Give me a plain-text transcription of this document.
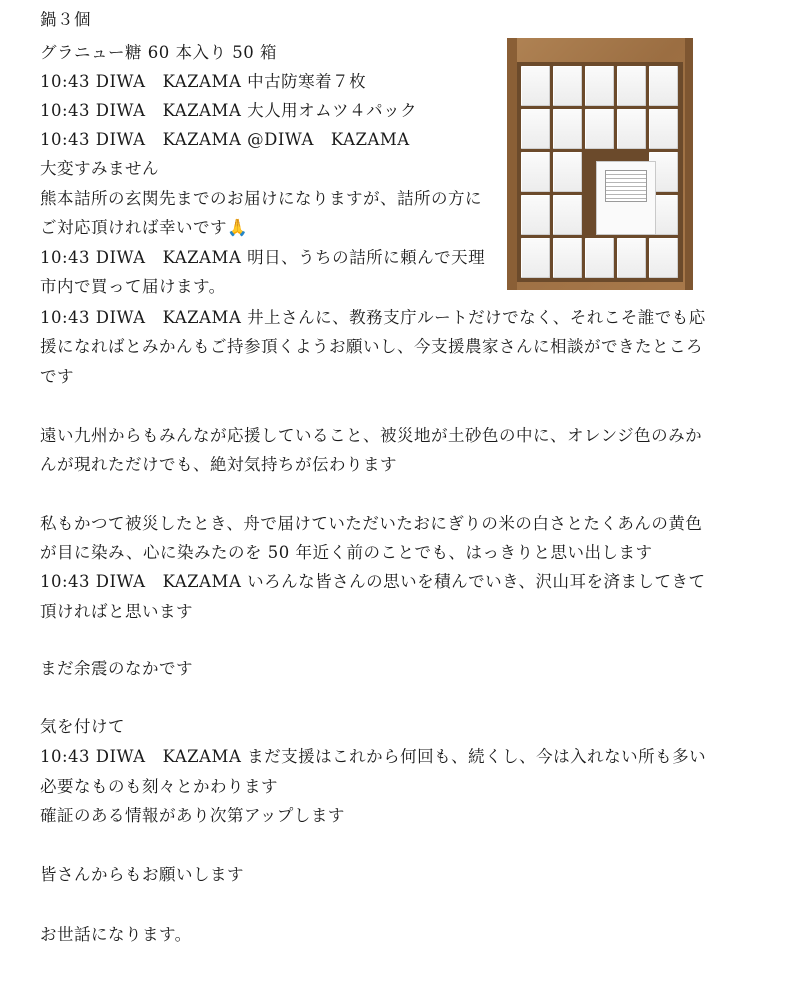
鍋３個
グラニュー糖 60 本入り 50 箱
10:43 DIWA　KAZAMA 中古防寒着７枚
10:43 DIWA　KAZAMA 大人用オムツ４パック
10:43 DIWA　KAZAMA @DIWA　KAZAMA
大変すみません
熊本詰所の玄関先までのお届けになりますが、詰所の方に
ご対応頂ければ幸いです🙏
10:43 DIWA　KAZAMA 明日、うちの詰所に頼んで天理
市内で買って届けます。
10:43 DIWA　KAZAMA 井上さんに、教務支庁ルートだけでなく、それこそ誰でも応
援になればとみかんもご持参頂くようお願いし、今支援農家さんに相談ができたところ
です
遠い九州からもみんなが応援していること、被災地が土砂色の中に、オレンジ色のみか
んが現れただけでも、絶対気持ちが伝わります
私もかつて被災したとき、舟で届けていただいたおにぎりの米の白さとたくあんの黄色
が目に染み、心に染みたのを 50 年近く前のことでも、はっきりと思い出します
10:43 DIWA　KAZAMA いろんな皆さんの思いを積んでいき、沢山耳を済ましてきて
頂ければと思います
まだ余震のなかです
気を付けて
10:43 DIWA　KAZAMA まだ支援はこれから何回も、続くし、今は入れない所も多い
必要なものも刻々とかわります
確証のある情報があり次第アップします
皆さんからもお願いします
お世話になります。
